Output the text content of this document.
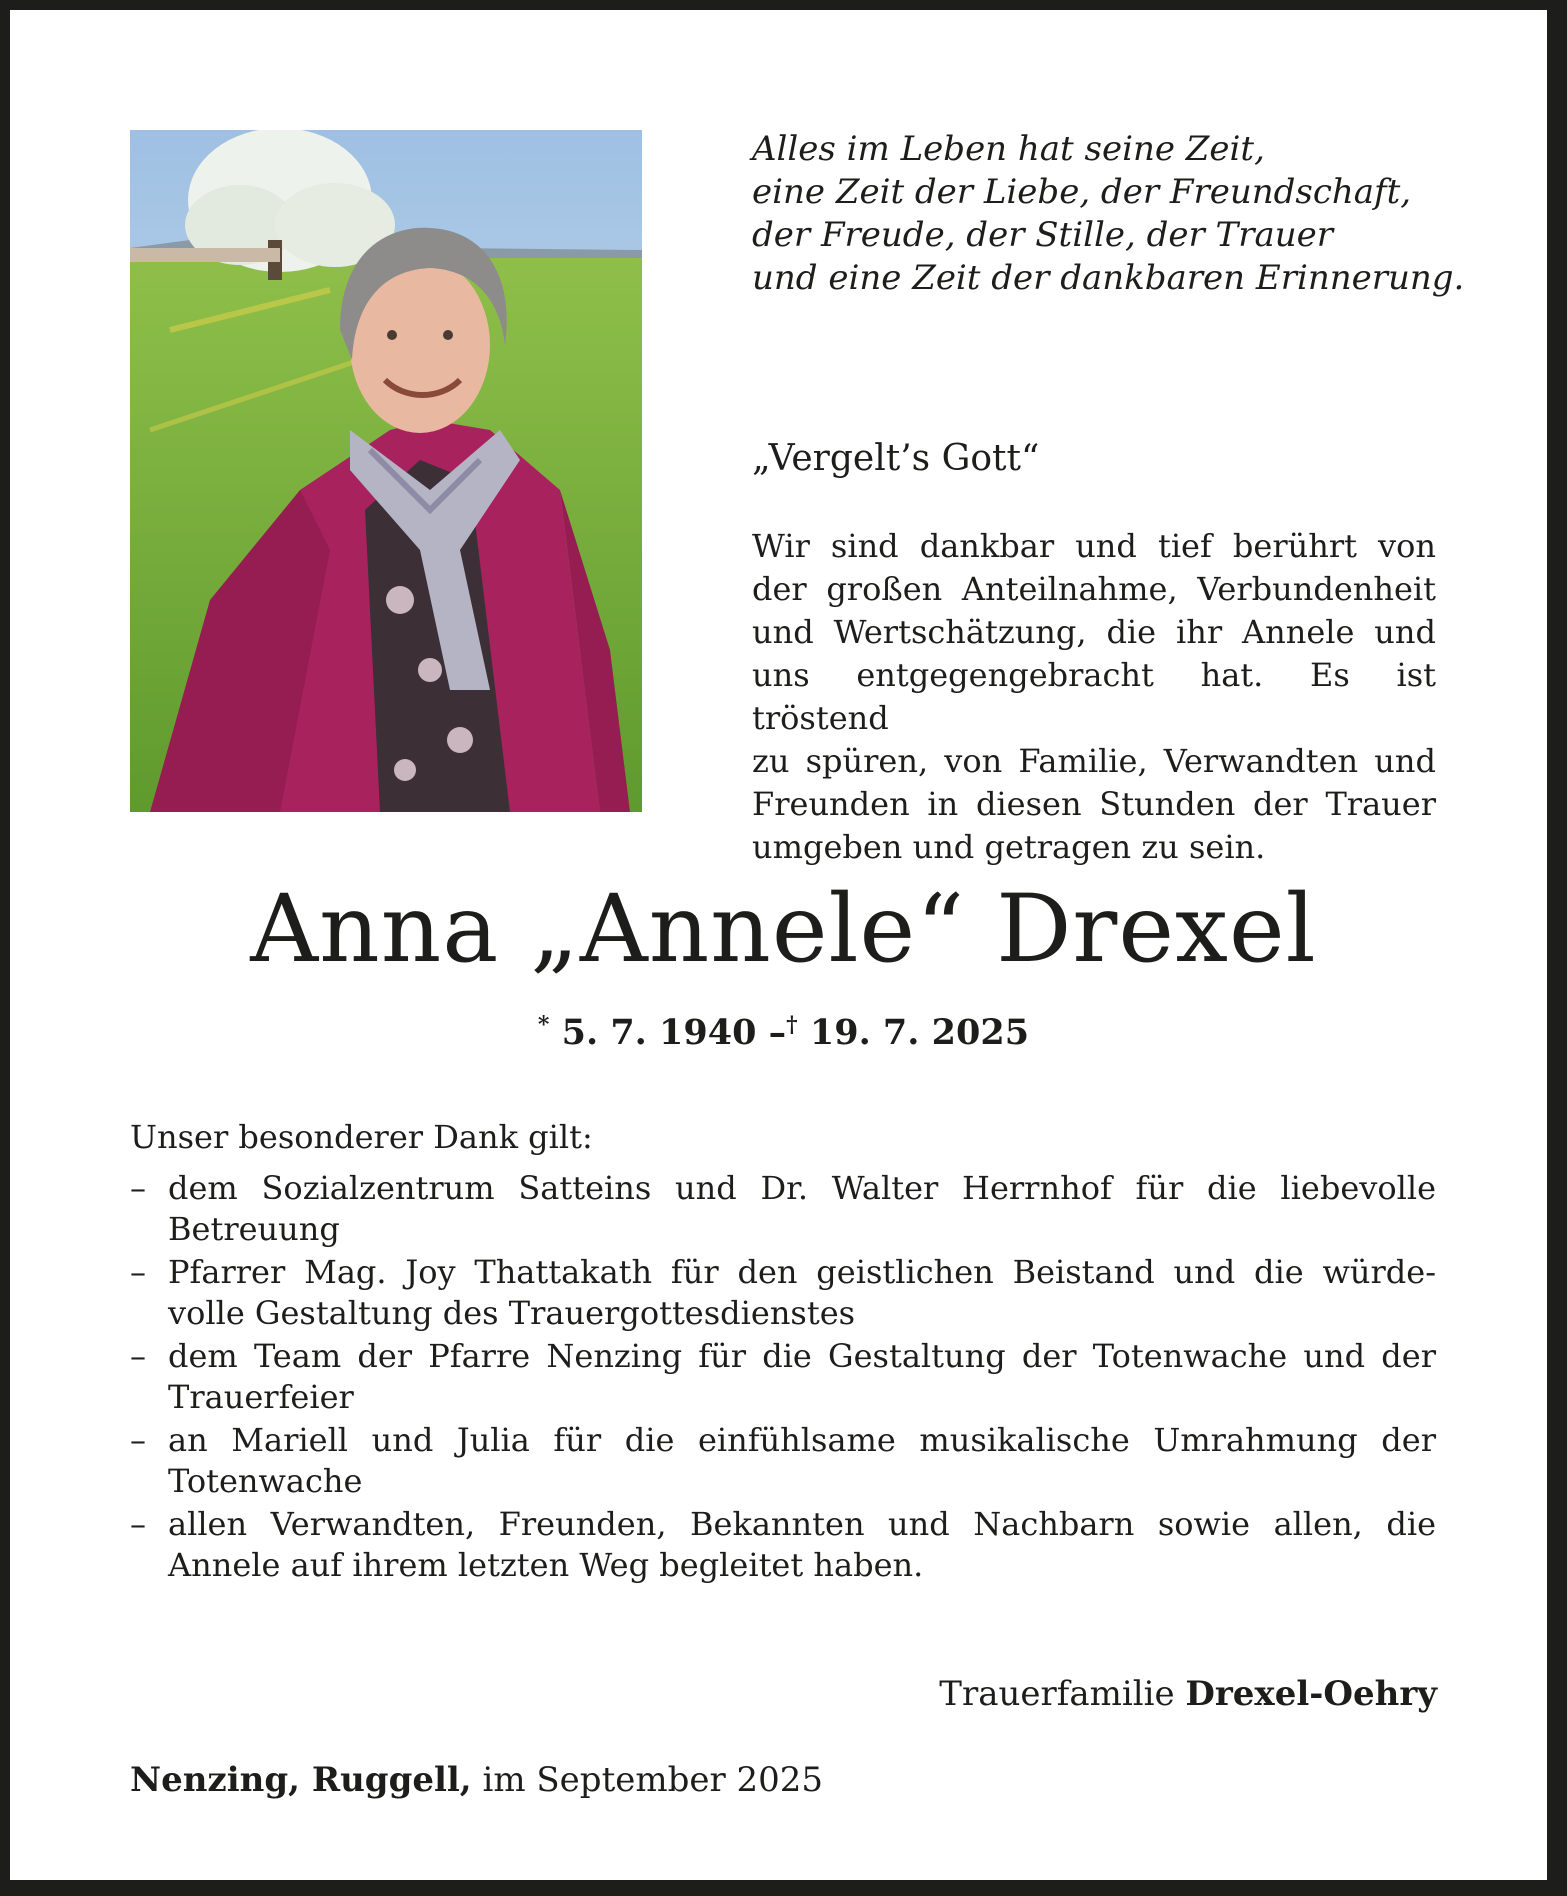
Alles im Leben hat seine Zeit,
eine Zeit der Liebe, der Freundschaft,
der Freude, der Stille, der Trauer
und eine Zeit der dankbaren Erinnerung.
„Vergelt’s Gott“
Wir sind dankbar und tief berührt von
der großen Anteilnahme, Verbundenheit
und Wertschätzung, die ihr Annele und
uns entgegengebracht hat. Es ist tröstend
zu spüren, von Familie, Verwandten und
Freunden in diesen Stunden der Trauer
umgeben und getragen zu sein.
Anna „Annele“ Drexel
* 5. 7. 1940 –† 19. 7. 2025
Unser besonderer Dank gilt:
– dem Sozialzentrum Satteins und Dr. Walter Herrnhof für die liebevolle
Betreuung
– Pfarrer Mag. Joy Thattakath für den geistlichen Beistand und die würde-
volle Gestaltung des Trauergottesdienstes
– dem Team der Pfarre Nenzing für die Gestaltung der Totenwache und der
Trauerfeier
– an Mariell und Julia für die einfühlsame musikalische Umrahmung der
Totenwache
– allen Verwandten, Freunden, Bekannten und Nachbarn sowie allen, die
Annele auf ihrem letzten Weg begleitet haben.
Trauerfamilie Drexel-Oehry
Nenzing, Ruggell, im September 2025
